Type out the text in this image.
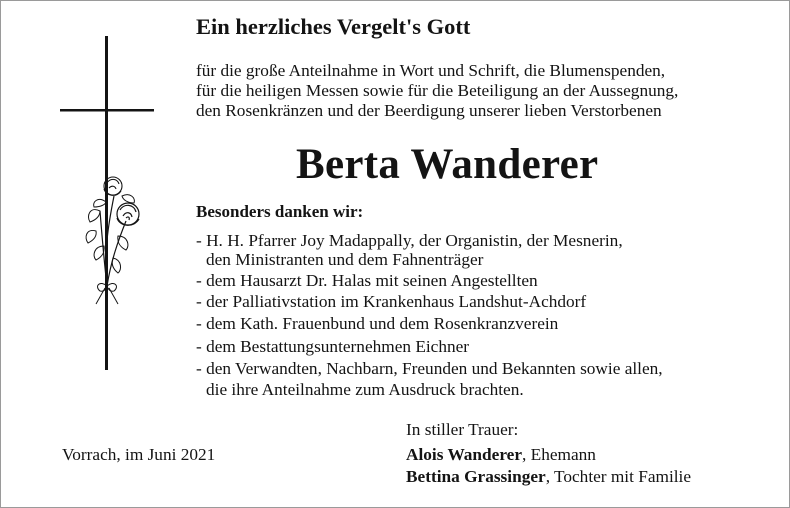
Ein herzliches Vergelt's Gott
für die große Anteilnahme in Wort und Schrift, die Blumenspenden,
für die heiligen Messen sowie für die Beteiligung an der Aussegnung,
den Rosenkränzen und der Beerdigung unserer lieben Verstorbenen
Berta Wanderer
Besonders danken wir:
- H. H. Pfarrer Joy Madappally, der Organistin, der Mesnerin,
den Ministranten und dem Fahnenträger
- dem Hausarzt Dr. Halas mit seinen Angestellten
- der Palliativstation im Krankenhaus Landshut-Achdorf
- dem Kath. Frauenbund und dem Rosenkranzverein
- dem Bestattungsunternehmen Eichner
- den Verwandten, Nachbarn, Freunden und Bekannten sowie allen,
die ihre Anteilnahme zum Ausdruck brachten.
In stiller Trauer:
Vorrach, im Juni 2021	Alois Wanderer, Ehemann
Bettina Grassinger, Tochter mit Familie
